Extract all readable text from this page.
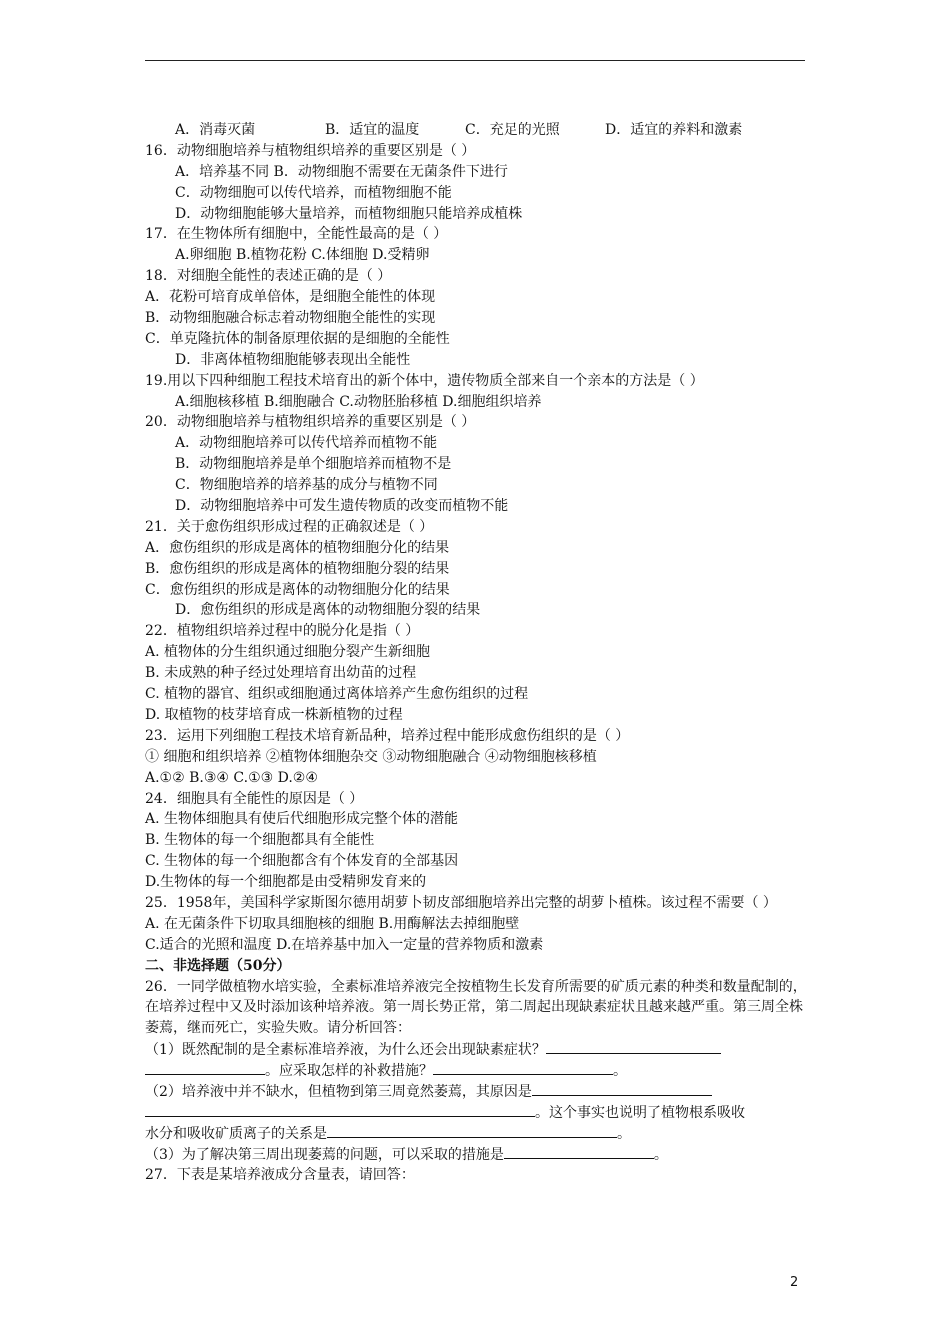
A．消毒灭菌	B．适宜的温度	C．充足的光照	D．适宜的养料和激素
16．动物细胞培养与植物组织培养的重要区别是（ ）
A．培养基不同 B．动物细胞不需要在无菌条件下进行
C．动物细胞可以传代培养，而植物细胞不能
D．动物细胞能够大量培养，而植物细胞只能培养成植株
17．在生物体所有细胞中，全能性最高的是（ ）
A.卵细胞 B.植物花粉 C.体细胞 D.受精卵
18．对细胞全能性的表述正确的是（ ）
A．花粉可培育成单倍体，是细胞全能性的体现
B．动物细胞融合标志着动物细胞全能性的实现
C．单克隆抗体的制备原理依据的是细胞的全能性
D．非离体植物细胞能够表现出全能性
19.用以下四种细胞工程技术培育出的新个体中，遗传物质全部来自一个亲本的方法是（ ）
A.细胞核移植 B.细胞融合 C.动物胚胎移植 D.细胞组织培养
20．动物细胞培养与植物组织培养的重要区别是（ ）
A．动物细胞培养可以传代培养而植物不能
B．动物细胞培养是单个细胞培养而植物不是
C．物细胞培养的培养基的成分与植物不同
D．动物细胞培养中可发生遗传物质的改变而植物不能
21．关于愈伤组织形成过程的正确叙述是（ ）
A．愈伤组织的形成是离体的植物细胞分化的结果
B．愈伤组织的形成是离体的植物细胞分裂的结果
C．愈伤组织的形成是离体的动物细胞分化的结果
D．愈伤组织的形成是离体的动物细胞分裂的结果
22．植物组织培养过程中的脱分化是指（ ）
A. 植物体的分生组织通过细胞分裂产生新细胞
B. 未成熟的种子经过处理培育出幼苗的过程
C. 植物的器官、组织或细胞通过离体培养产生愈伤组织的过程
D. 取植物的枝芽培育成一株新植物的过程
23．运用下列细胞工程技术培育新品种，培养过程中能形成愈伤组织的是（ ）
① 细胞和组织培养 ②植物体细胞杂交 ③动物细胞融合 ④动物细胞核移植
A.①② B.③④ C.①③ D.②④
24．细胞具有全能性的原因是（ ）
A. 生物体细胞具有使后代细胞形成完整个体的潜能
B. 生物体的每一个细胞都具有全能性
C. 生物体的每一个细胞都含有个体发育的全部基因
D.生物体的每一个细胞都是由受精卵发育来的
25．1958年，美国科学家斯图尔德用胡萝卜韧皮部细胞培养出完整的胡萝卜植株。该过程不需要（ ）
A. 在无菌条件下切取具细胞核的细胞 B.用酶解法去掉细胞壁
C.适合的光照和温度 D.在培养基中加入一定量的营养物质和激素
二、非选择题（50分）
26．一同学做植物水培实验，全素标准培养液完全按植物生长发育所需要的矿质元素的种类和数量配制的，在培养过程中又及时添加该种培养液。第一周长势正常，第二周起出现缺素症状且越来越严重。第三周全株萎蔫，继而死亡，实验失败。请分析回答：
（1）既然配制的是全素标准培养液，为什么还会出现缺素症状？
。应采取怎样的补救措施？	。
（2）培养液中并不缺水，但植物到第三周竟然萎蔫，其原因是
。这个事实也说明了植物根系吸收
水分和吸收矿质离子的关系是	。
（3）为了解决第三周出现萎蔫的问题，可以采取的措施是	。
27．下表是某培养液成分含量表，请回答：
2
